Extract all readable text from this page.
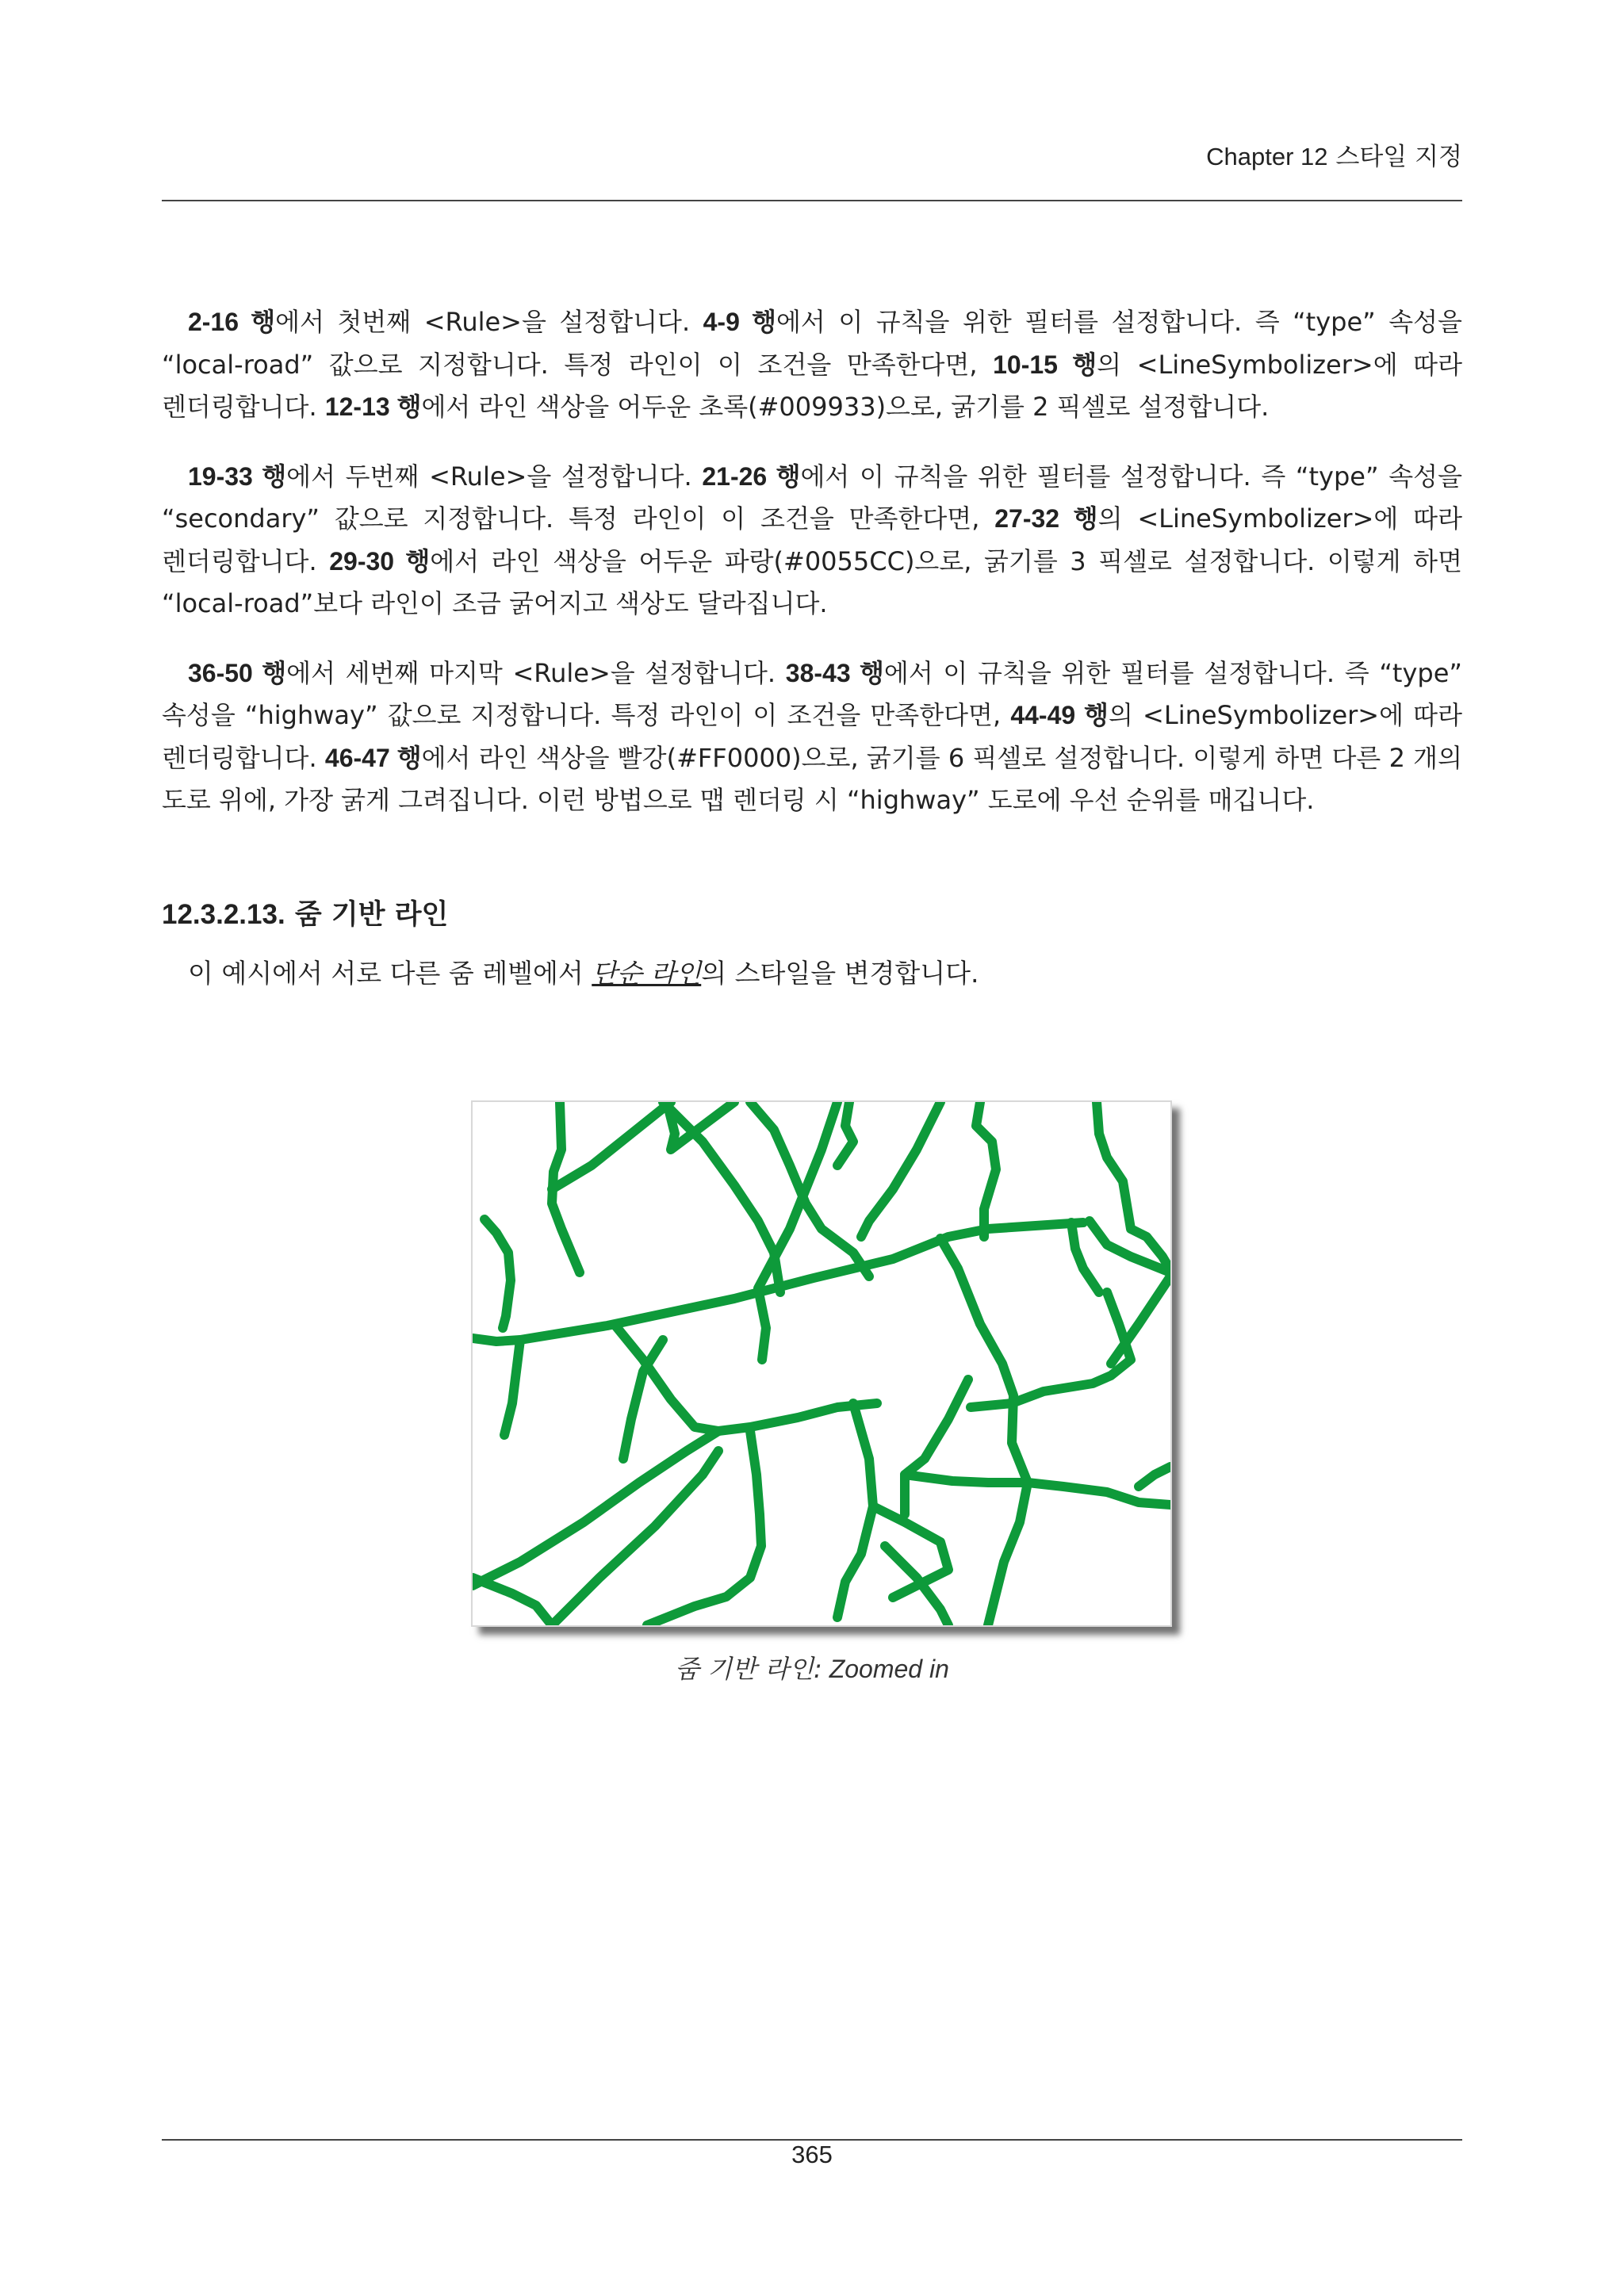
Chapter 12 스타일 지정

2-16 행에서 첫번째 <Rule>을 설정합니다. 4-9 행에서 이 규칙을 위한 필터를 설정합니다. 즉 “type” 속성을 “local-road” 값으로 지정합니다. 특정 라인이 이 조건을 만족한다면, 10-15 행의 <LineSymbolizer>에 따라 렌더링합니다. 12-13 행에서 라인 색상을 어두운 초록(#009933)으로, 굵기를 2 픽셀로 설정합니다.

19-33 행에서 두번째 <Rule>을 설정합니다. 21-26 행에서 이 규칙을 위한 필터를 설정합니다. 즉 “type” 속성을 “secondary” 값으로 지정합니다. 특정 라인이 이 조건을 만족한다면, 27-32 행의 <LineSymbolizer>에 따라 렌더링합니다. 29-30 행에서 라인 색상을 어두운 파랑(#0055CC)으로, 굵기를 3 픽셀로 설정합니다. 이렇게 하면 “local-road”보다 라인이 조금 굵어지고 색상도 달라집니다.

36-50 행에서 세번째 마지막 <Rule>을 설정합니다. 38-43 행에서 이 규칙을 위한 필터를 설정합니다. 즉 “type” 속성을 “highway” 값으로 지정합니다. 특정 라인이 이 조건을 만족한다면, 44-49 행의 <LineSymbolizer>에 따라 렌더링합니다. 46-47 행에서 라인 색상을 빨강(#FF0000)으로, 굵기를 6 픽셀로 설정합니다. 이렇게 하면 다른 2 개의 도로 위에, 가장 굵게 그려집니다. 이런 방법으로 맵 렌더링 시 “highway” 도로에 우선 순위를 매깁니다.

12.3.2.13. 줌 기반 라인

이 예시에서 서로 다른 줌 레벨에서 단순 라인의 스타일을 변경합니다.

줌 기반 라인: Zoomed in
365
